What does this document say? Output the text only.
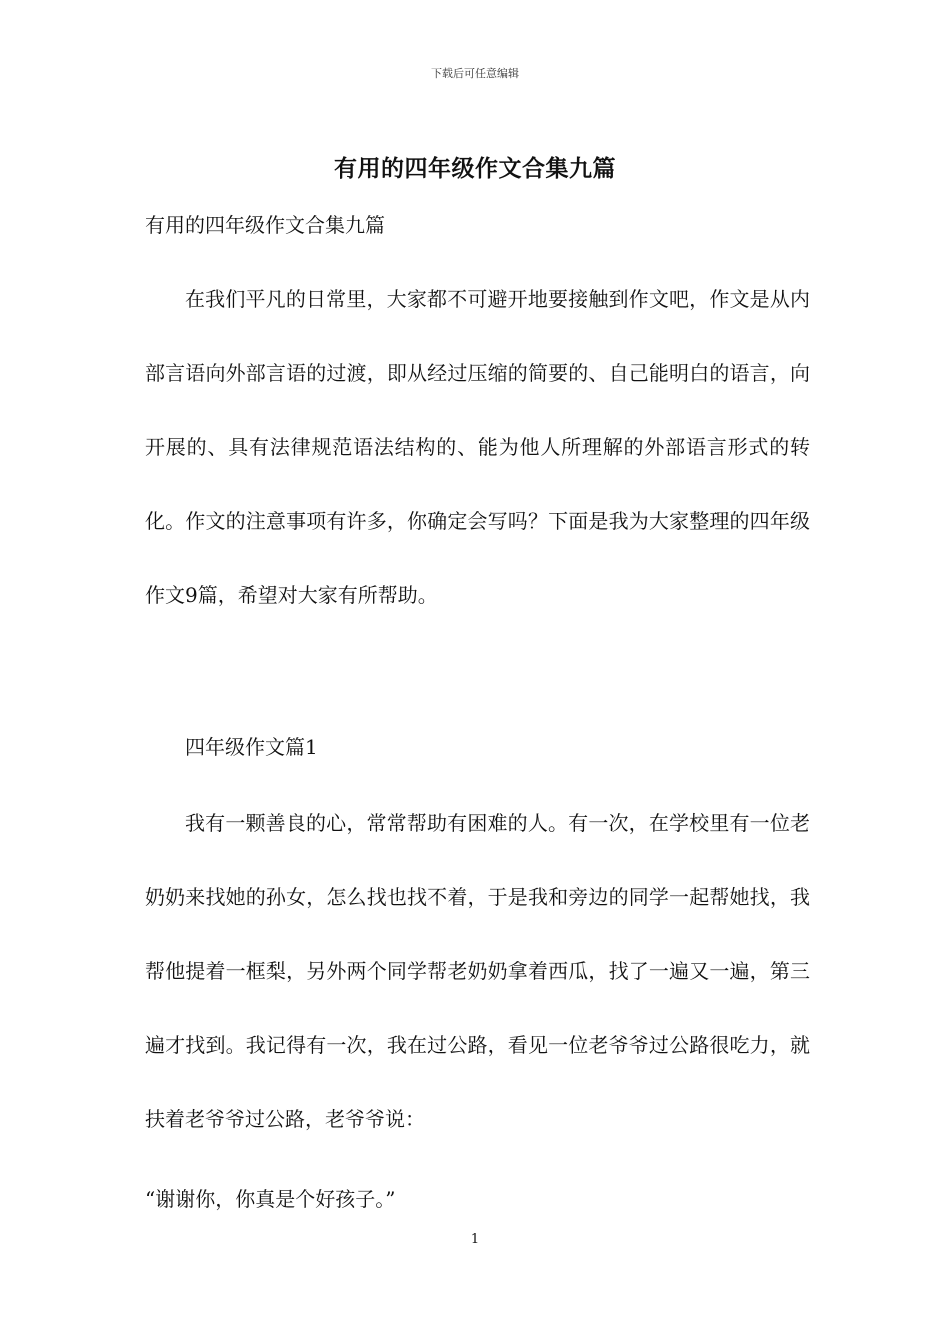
下载后可任意编辑
有用的四年级作文合集九篇
有用的四年级作文合集九篇

在我们平凡的日常里，大家都不可避开地要接触到作文吧，作文是从内部言语向外部言语的过渡，即从经过压缩的简要的、自己能明白的语言，向开展的、具有法律规范语法结构的、能为他人所理解的外部语言形式的转化。作文的注意事项有许多，你确定会写吗？下面是我为大家整理的四年级作文9篇，希望对大家有所帮助。

四年级作文篇1

我有一颗善良的心，常常帮助有困难的人。有一次，在学校里有一位老奶奶来找她的孙女，怎么找也找不着，于是我和旁边的同学一起帮她找，我帮他提着一框梨，另外两个同学帮老奶奶拿着西瓜，找了一遍又一遍，第三遍才找到。我记得有一次，我在过公路，看见一位老爷爷过公路很吃力，就扶着老爷爷过公路，老爷爷说：

“谢谢你，你真是个好孩子。”
1
